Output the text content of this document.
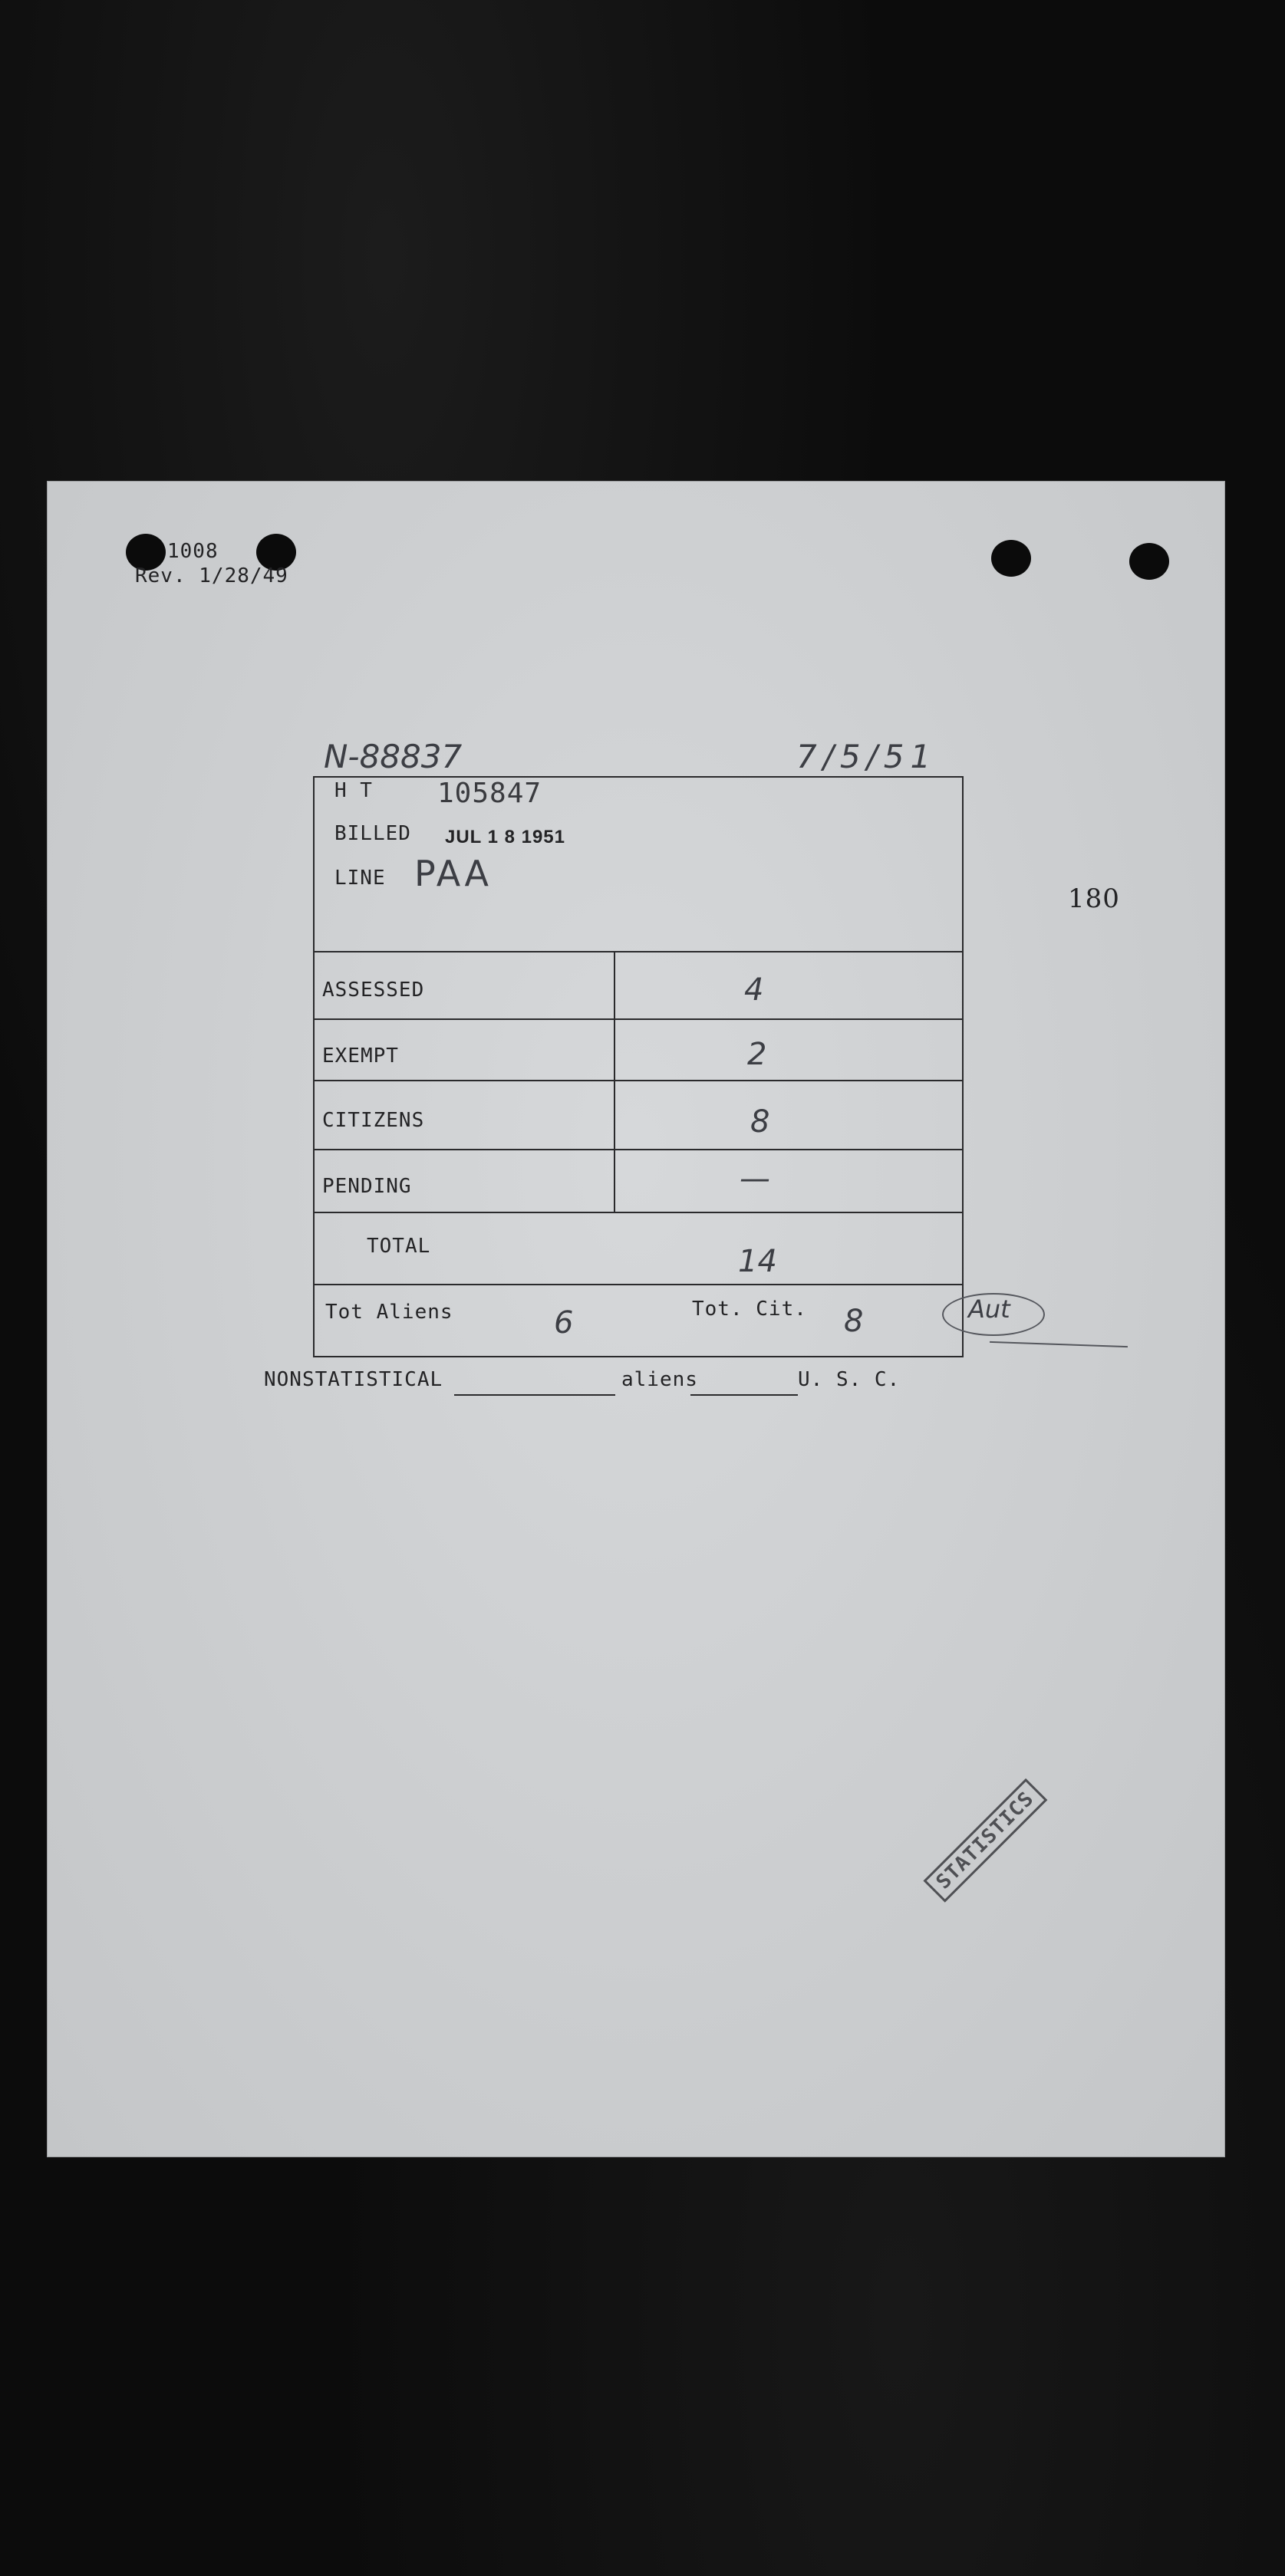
1008
Rev. 1/28/49
N-88837	7/5/51
180
H T 105847
BILLED JUL 1 8 1951
LINE PAA
ASSESSED	4
EXEMPT	2
CITIZENS	8
PENDING	—
TOTAL	14
Tot Aliens	6	Tot. Cit. 8	Aut
NONSTATISTICAL	aliens	U. S. C.
STATISTICS
